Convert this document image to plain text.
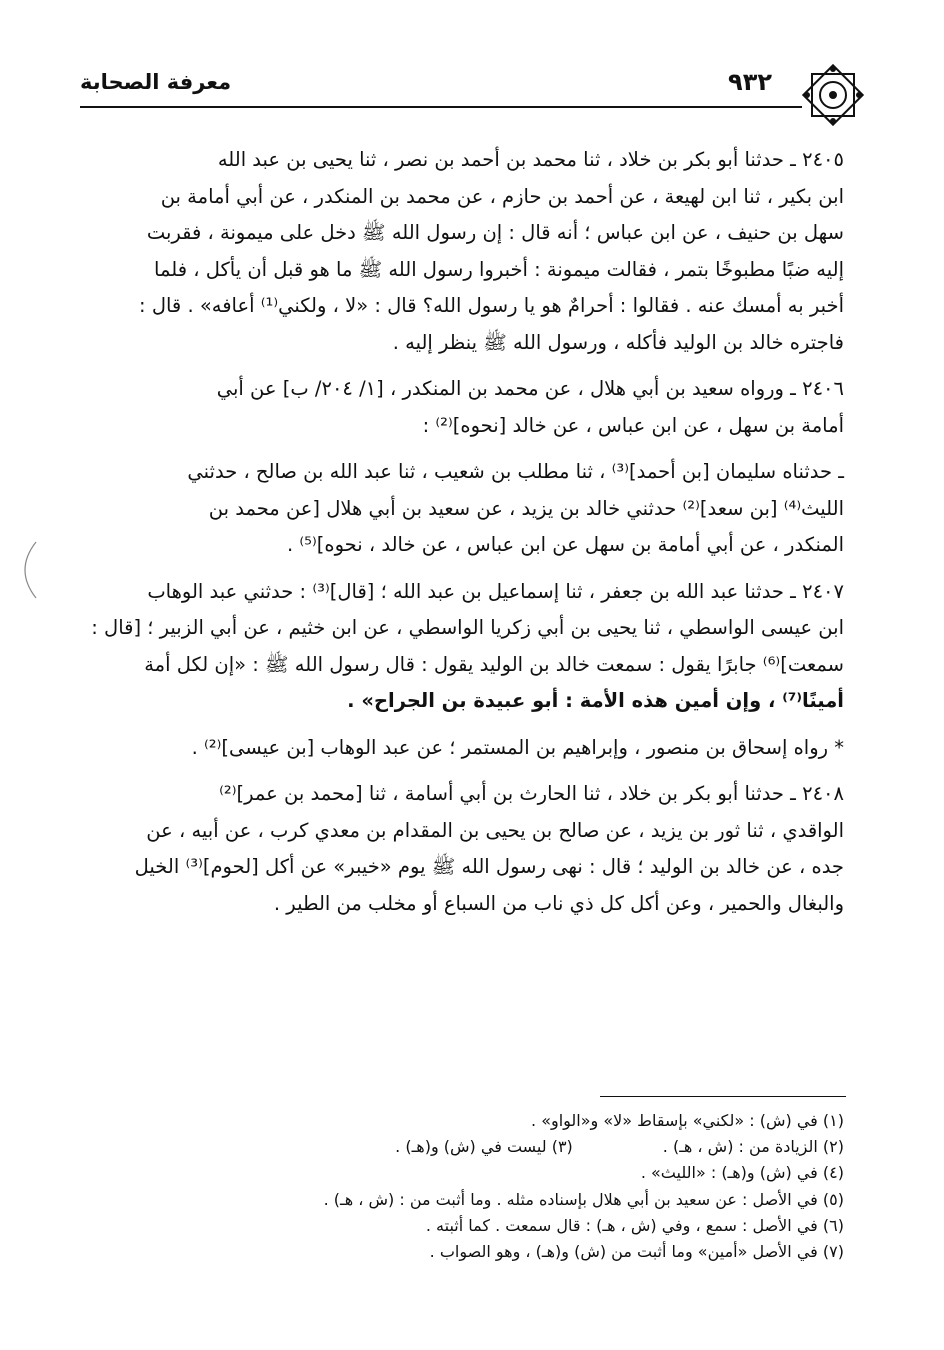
معرفة الصحابة	٩٣٢

٢٤٠٥ ـ حدثنا أبو بكر بن خلاد ، ثنا محمد بن أحمد بن نصر ، ثنا يحيى بن عبد الله
ابن بكير ، ثنا ابن لهيعة ، عن أحمد بن حازم ، عن محمد بن المنكدر ، عن أبي أمامة بن
سهل بن حنيف ، عن ابن عباس ؛ أنه قال : إن رسول الله ﷺ دخل على ميمونة ، فقربت
إليه ضبًا مطبوخًا بتمر ، فقالت ميمونة : أخبروا رسول الله ﷺ ما هو قبل أن يأكل ، فلما
أخبر به أمسك عنه . فقالوا : أحرامٌ هو يا رسول الله؟ قال : «لا ، ولكني⁽¹⁾ أعافه» . قال :
فاجتره خالد بن الوليد فأكله ، ورسول الله ﷺ ينظر إليه .

٢٤٠٦ ـ ورواه سعيد بن أبي هلال ، عن محمد بن المنكدر ، [١/ ٢٠٤/ ب] عن أبي
أمامة بن سهل ، عن ابن عباس ، عن خالد [نحوه]⁽²⁾ :

ـ حدثناه سليمان [بن أحمد]⁽³⁾ ، ثنا مطلب بن شعيب ، ثنا عبد الله بن صالح ، حدثني
الليث⁽⁴⁾ [بن سعد]⁽²⁾ حدثني خالد بن يزيد ، عن سعيد بن أبي هلال [عن محمد بن
المنكدر ، عن أبي أمامة بن سهل عن ابن عباس ، عن خالد ، نحوه]⁽⁵⁾ .

٢٤٠٧ ـ حدثنا عبد الله بن جعفر ، ثنا إسماعيل بن عبد الله ؛ [قال]⁽³⁾ : حدثني عبد الوهاب
ابن عيسى الواسطي ، ثنا يحيى بن أبي زكريا الواسطي ، عن ابن خثيم ، عن أبي الزبير ؛ [قال :
سمعت]⁽⁶⁾ جابرًا يقول : سمعت خالد بن الوليد يقول : قال رسول الله ﷺ : «إن لكل أمة
أمينًا⁽⁷⁾ ، وإن أمين هذه الأمة : أبو عبيدة بن الجراح» .

* رواه إسحاق بن منصور ، وإبراهيم بن المستمر ؛ عن عبد الوهاب [بن عيسى]⁽²⁾ .

٢٤٠٨ ـ حدثنا أبو بكر بن خلاد ، ثنا الحارث بن أبي أسامة ، ثنا [محمد بن عمر]⁽²⁾
الواقدي ، ثنا ثور بن يزيد ، عن صالح بن يحيى بن المقدام بن معدي كرب ، عن أبيه ، عن
جده ، عن خالد بن الوليد ؛ قال : نهى رسول الله ﷺ يوم «خيبر» عن أكل [لحوم]⁽³⁾ الخيل
والبغال والحمير ، وعن أكل كل ذي ناب من السباع أو مخلب من الطير .

(١) في (ش) : «لكني» بإسقاط «لا» و«الواو» .
(٢) الزيادة من : (ش ، هـ) .(٣) ليست في (ش) و(هـ) .
(٤) في (ش) و(هـ) : «الليث» .
(٥) في الأصل : عن سعيد بن أبي هلال بإسناده مثله . وما أثبت من : (ش ، هـ) .
(٦) في الأصل : سمع ، وفي (ش ، هـ) : قال سمعت . كما أثبته .
(٧) في الأصل «أمين» وما أثبت من (ش) و(هـ) ، وهو الصواب .
